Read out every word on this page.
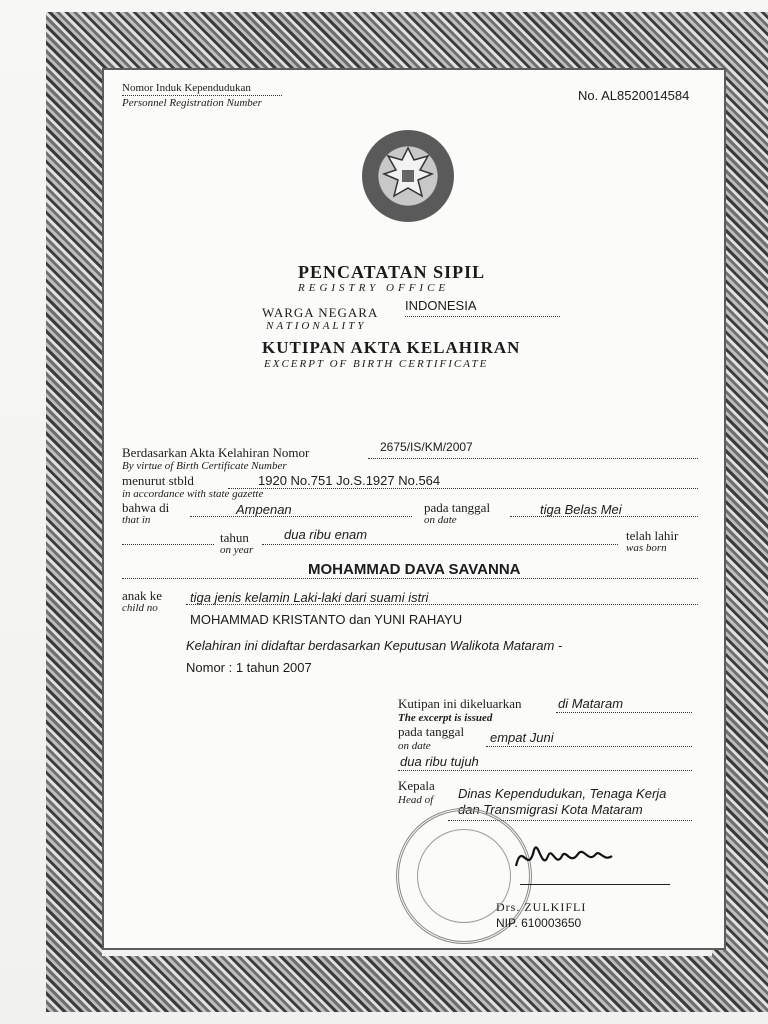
Nomor Induk Kependudukan
Personnel Registration Number	No. AL8520014584
PENCATATAN SIPIL
REGISTRY OFFICE
WARGA NEGARA INDONESIA
NATIONALITY
KUTIPAN AKTA KELAHIRAN
EXCERPT OF BIRTH CERTIFICATE
Berdasarkan Akta Kelahiran Nomor	2675/IS/KM/2007
By virtue of Birth Certificate Number
menurut stbld	1920 No.751 Jo.S.1927 No.564
in accordance with state gazette
bahwa di	Ampenan
that in
pada tanggal	tiga Belas Mei
on date
tahun	dua ribu enam
on year
telah lahir
was born
MOHAMMAD DAVA SAVANNA
anak ke tiga jenis kelamin Laki-laki dari suami istri
child no
MOHAMMAD KRISTANTO dan YUNI RAHAYU
Kelahiran ini didaftar berdasarkan Keputusan Walikota Mataram -
Nomor : 1 tahun 2007
Kutipan ini dikeluarkan	di Mataram
The excerpt is issued
pada tanggal empat Juni
on date
dua ribu tujuh
Kepala
Head of Dinas Kependudukan, Tenaga Kerja
dan Transmigrasi Kota Mataram
Drs. ZULKIFLI
NIP. 610003650
